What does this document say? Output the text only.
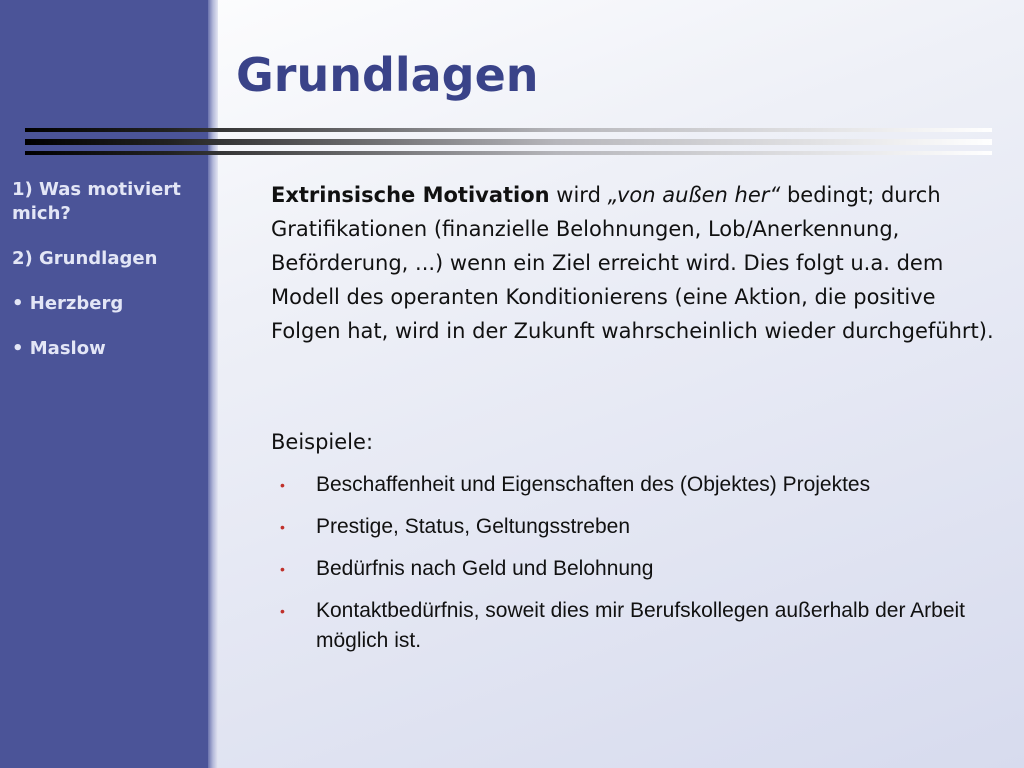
1) Was motiviert mich?
2) Grundlagen
• Herzberg
• Maslow
Grundlagen

Extrinsische Motivation wird „von außen her“ bedingt; durch Gratifikationen (finanzielle Belohnungen, Lob/Anerkennung, Beförderung, ...) wenn ein Ziel erreicht wird. Dies folgt u.a. dem Modell des operanten Konditionierens (eine Aktion, die positive Folgen hat, wird in der Zukunft wahrscheinlich wieder durchgeführt).

Beispiele:
• Beschaffenheit und Eigenschaften des (Objektes) Projektes
• Prestige, Status, Geltungsstreben
• Bedürfnis nach Geld und Belohnung
• Kontaktbedürfnis, soweit dies mir Berufskollegen außerhalb der Arbeit möglich ist.
